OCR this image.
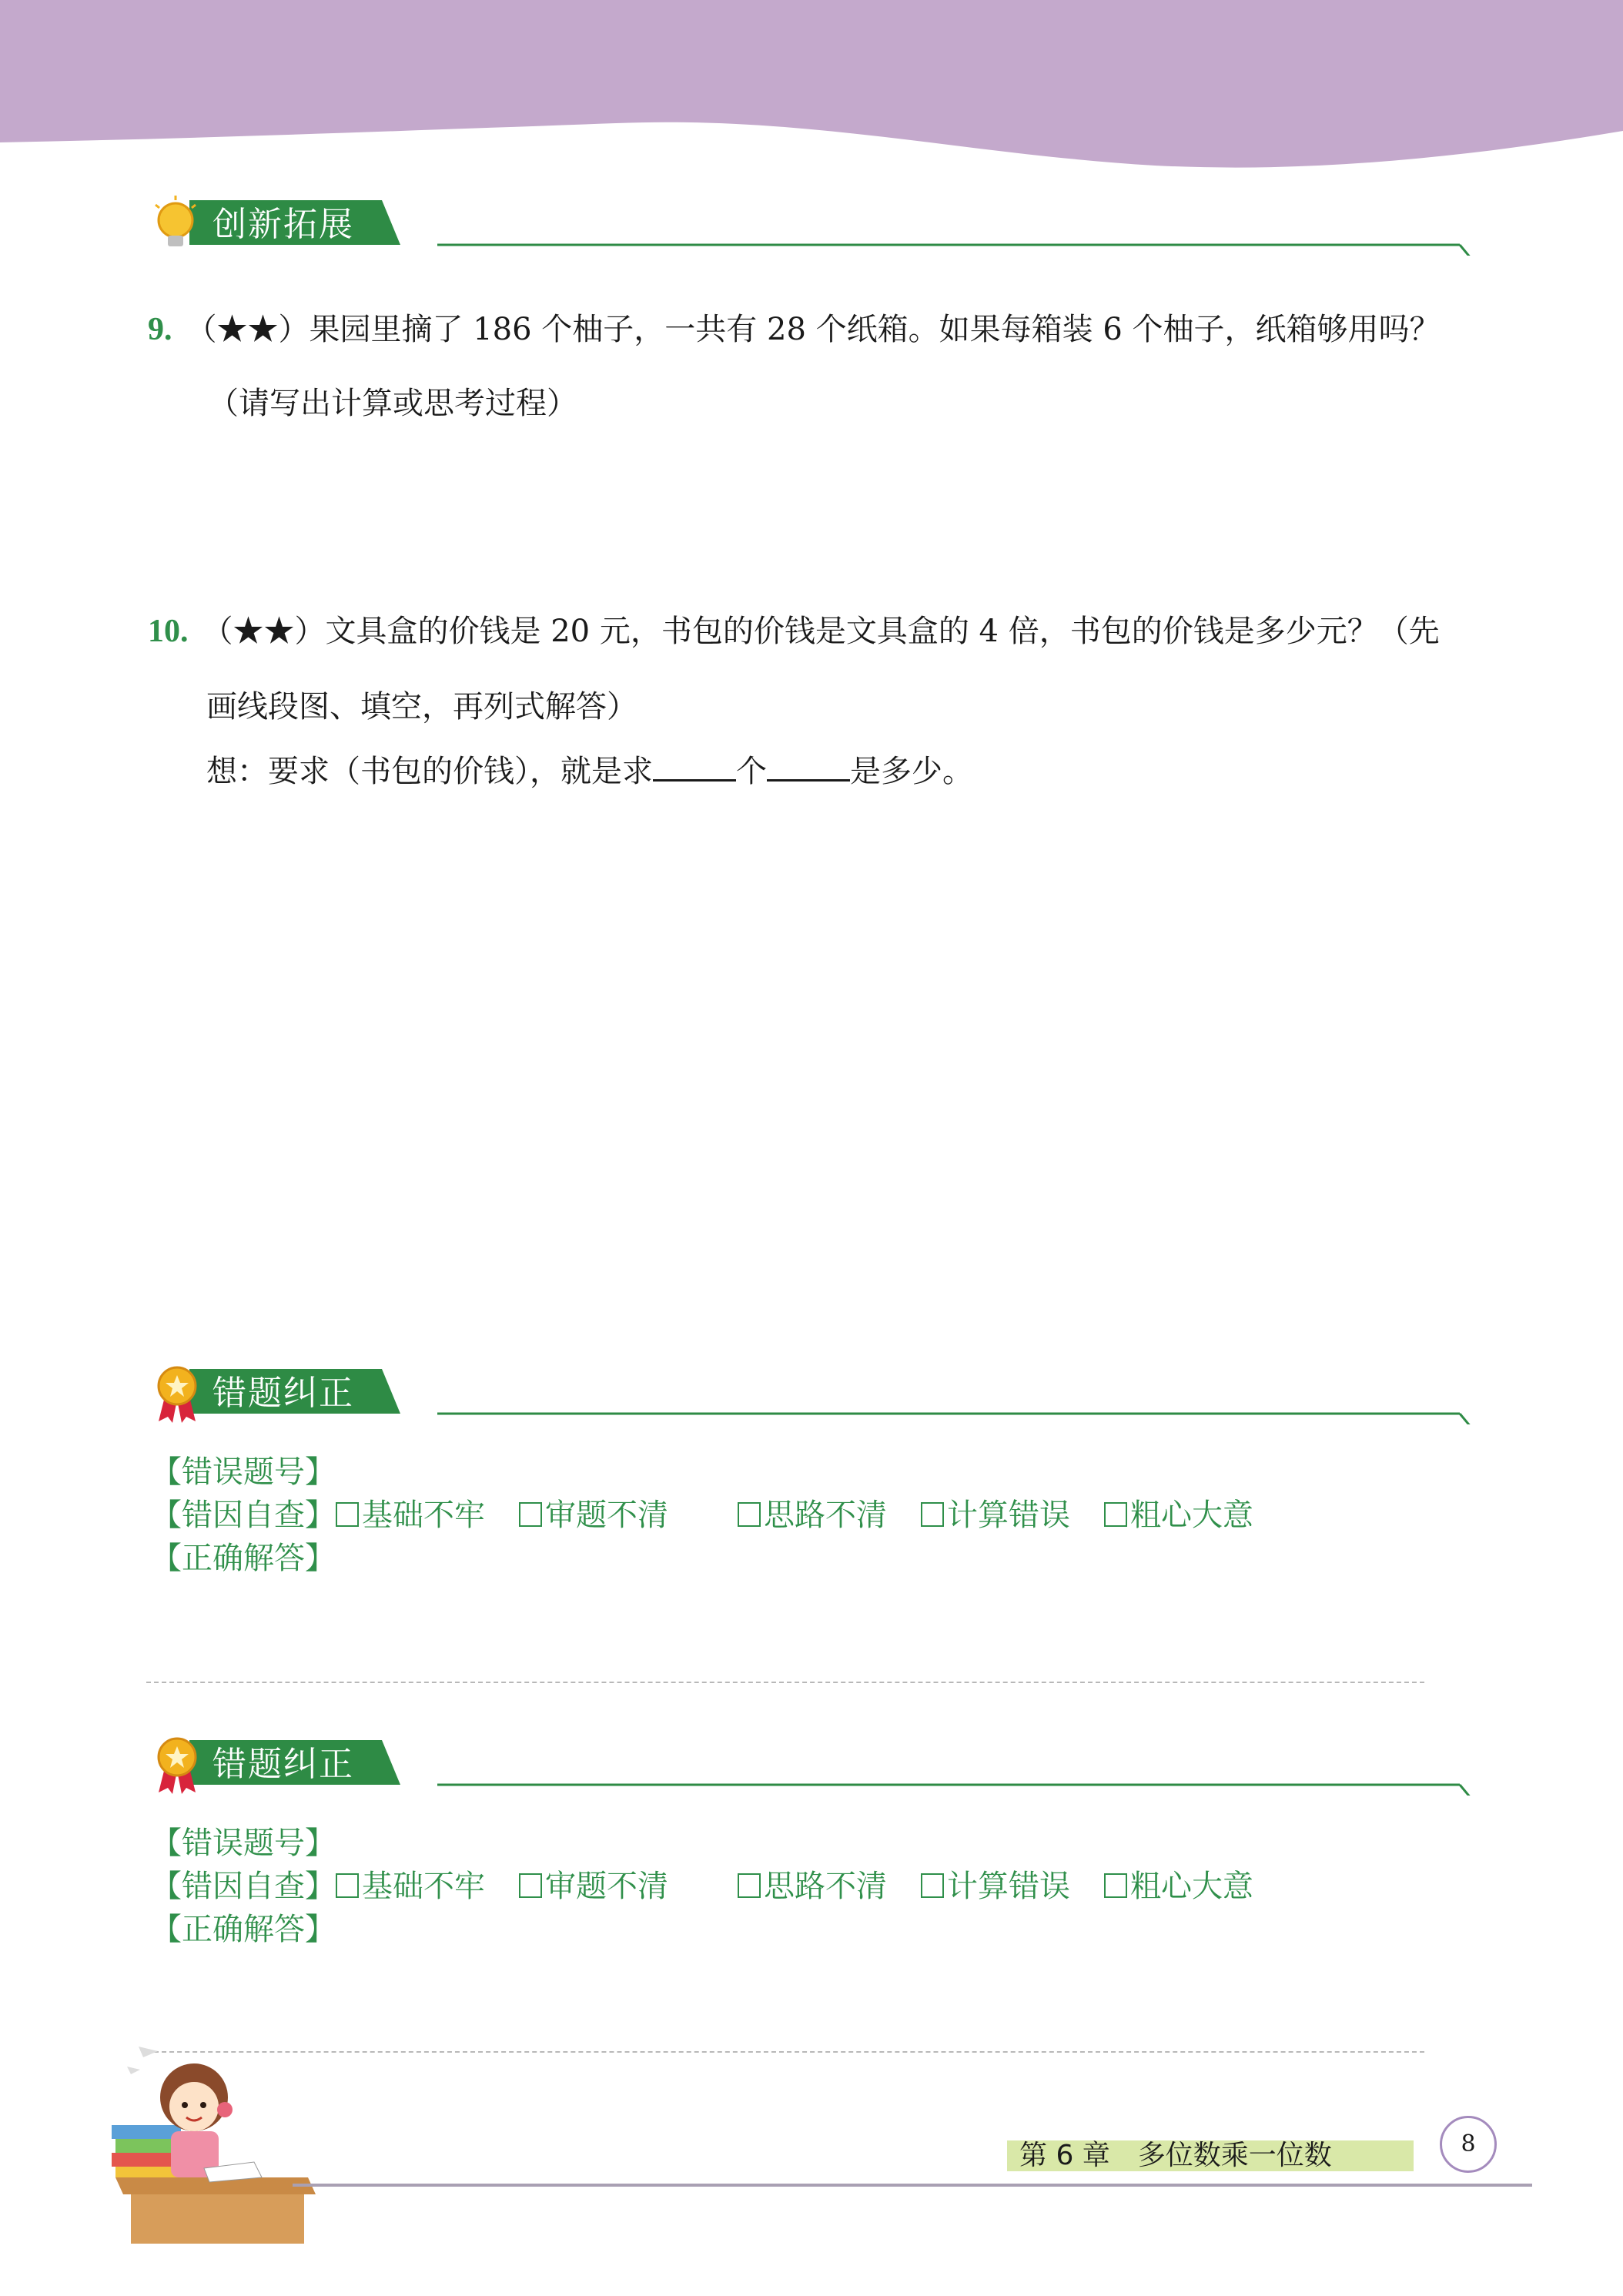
创新拓展
9. （★★）果园里摘了 186 个柚子，一共有 28 个纸箱。如果每箱装 6 个柚子，纸箱够用吗？
（请写出计算或思考过程）
10. （★★）文具盒的价钱是 20 元，书包的价钱是文具盒的 4 倍，书包的价钱是多少元？（先
画线段图、填空，再列式解答）
想：要求（书包的价钱），就是求	个	是多少。
错题纠正
【错误题号】
【错因自查】 基础不牢 审题不清	思路不清 计算错误 粗心大意
【正确解答】
错题纠正
【错误题号】
【错因自查】 基础不牢 审题不清	思路不清 计算错误 粗心大意
【正确解答】
第 6 章　多位数乘一位数	8
